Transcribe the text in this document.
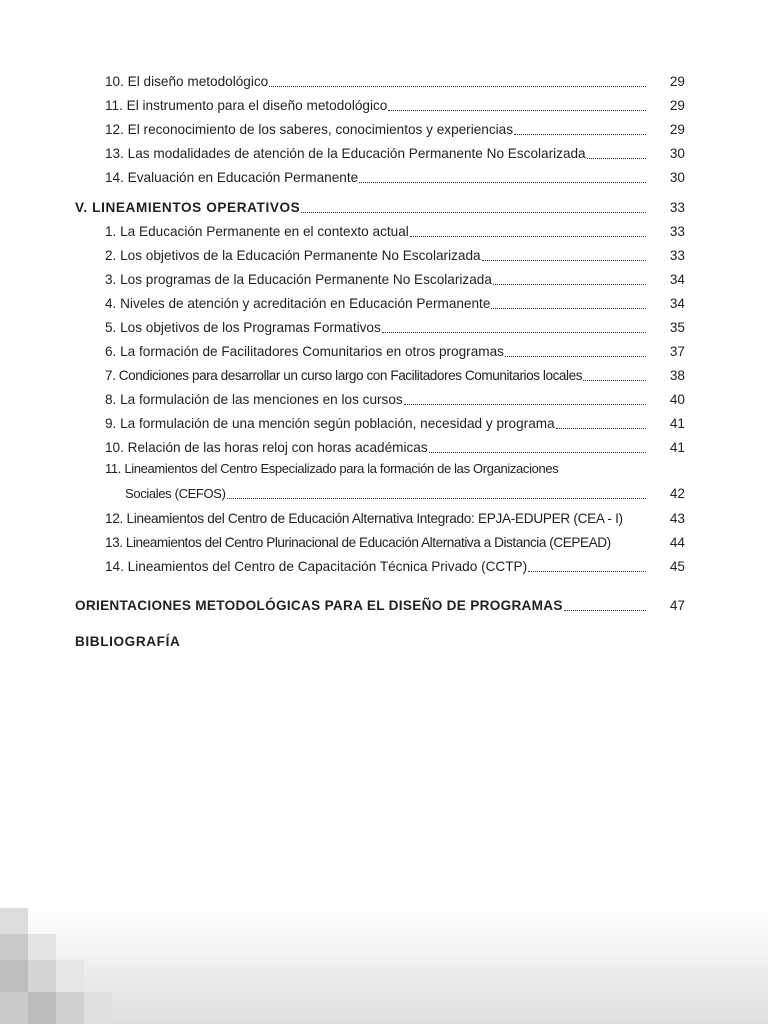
10. El diseño metodológico	29
11. El instrumento para el diseño metodológico	29
12. El reconocimiento de los saberes, conocimientos y experiencias	29
13. Las modalidades de atención de la Educación Permanente No Escolarizada	30
14. Evaluación en Educación Permanente	30
V. LINEAMIENTOS OPERATIVOS	33
1. La Educación Permanente en el contexto actual	33
2. Los objetivos de la Educación Permanente No Escolarizada	33
3. Los programas de la Educación Permanente No Escolarizada	34
4. Niveles de atención y acreditación en Educación Permanente	34
5. Los objetivos de los Programas Formativos	35
6. La formación de Facilitadores Comunitarios en otros programas	37
7. Condiciones para desarrollar un curso largo con Facilitadores Comunitarios locales	38
8. La formulación de las menciones en los cursos	40
9. La formulación de una mención según población, necesidad y programa	41
10. Relación de las horas reloj con horas académicas	41
11. Lineamientos del Centro Especializado para la formación de las Organizaciones
Sociales (CEFOS)	42
12. Lineamientos del Centro de Educación Alternativa Integrado: EPJA-EDUPER (CEA - I)	43
13. Lineamientos del Centro Plurinacional de Educación Alternativa a Distancia (CEPEAD)	44
14. Lineamientos del Centro de Capacitación Técnica Privado (CCTP)	45
ORIENTACIONES METODOLÓGICAS PARA EL DISEÑO DE PROGRAMAS	47
BIBLIOGRAFÍA
